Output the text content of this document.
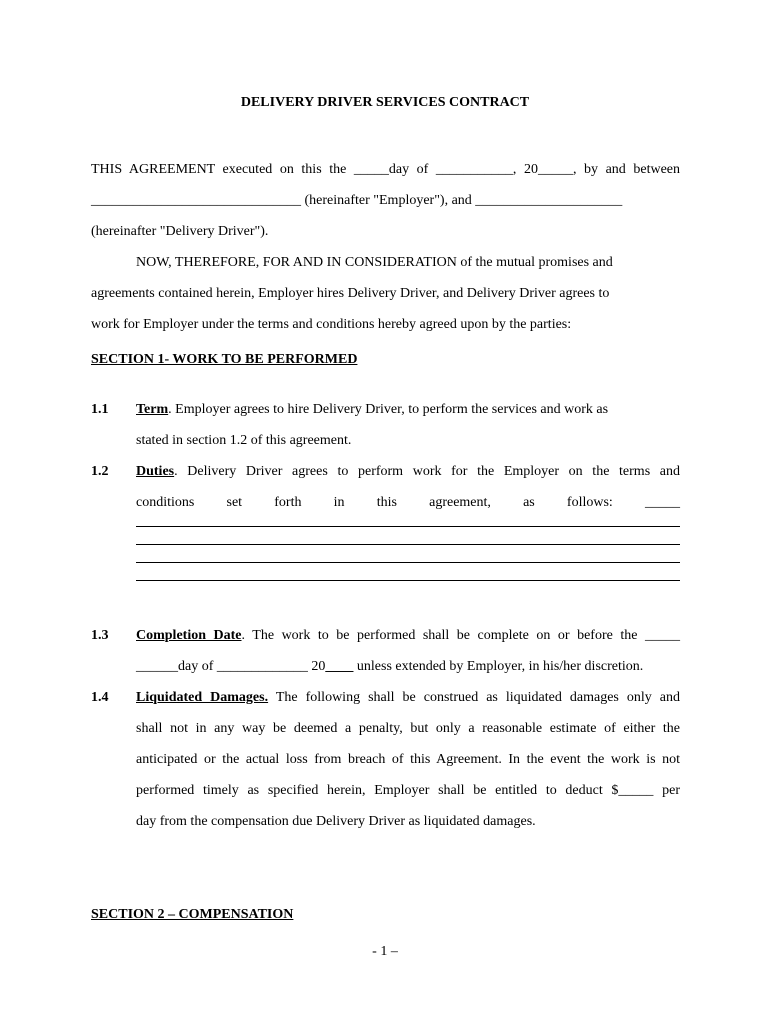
DELIVERY DRIVER SERVICES CONTRACT
THIS AGREEMENT executed on this the _____day of ___________, 20_____, by and between
______________________________ (hereinafter "Employer"), and _____________________
(hereinafter "Delivery Driver").
NOW, THEREFORE, FOR AND IN CONSIDERATION of the mutual promises and
agreements contained herein, Employer hires Delivery Driver, and Delivery Driver agrees to
work for Employer under the terms and conditions hereby agreed upon by the parties:
SECTION 1- WORK TO BE PERFORMED
1.1 Term. Employer agrees to hire Delivery Driver, to perform the services and work as
stated in section 1.2 of this agreement.
1.2 Duties. Delivery Driver agrees to perform work for the Employer on the terms and
conditions set forth in this agreement, as follows: _____
1.3 Completion Date. The work to be performed shall be complete on or before the _____
______day of _____________ 20____ unless extended by Employer, in his/her discretion.
1.4 Liquidated Damages. The following shall be construed as liquidated damages only and
shall not in any way be deemed a penalty, but only a reasonable estimate of either the
anticipated or the actual loss from breach of this Agreement. In the event the work is not
performed timely as specified herein, Employer shall be entitled to deduct $_____ per
day from the compensation due Delivery Driver as liquidated damages.
SECTION 2 – COMPENSATION
- 1 –
